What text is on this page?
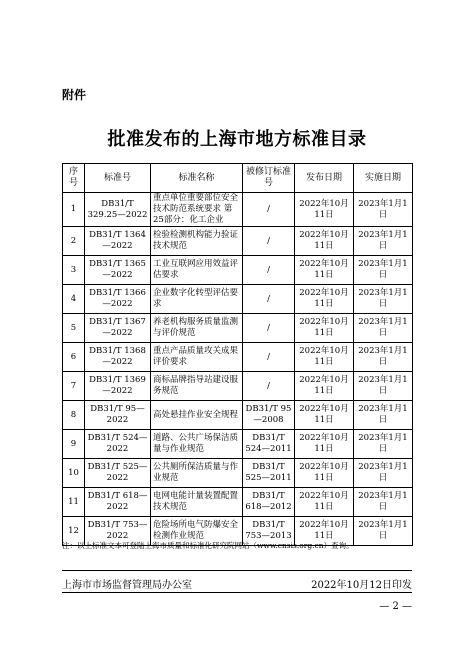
附件
批准发布的上海市地方标准目录
序号	标准号	标准名称	被修订标准号	发布日期	实施日期
1	DB31/T 329.25—2022	重点单位重要部位安全技术防范系统要求 第25部分：化工企业	/	2022年10月11日	2023年1月1日
2	DB31/T 1364—2022	检验检测机构能力验证技术规范	/	2022年10月11日	2023年1月1日
3	DB31/T 1365—2022	工业互联网应用效益评估要求	/	2022年10月11日	2023年1月1日
4	DB31/T 1366—2022	企业数字化转型评估要求	/	2022年10月11日	2023年1月1日
5	DB31/T 1367—2022	养老机构服务质量监测与评价规范	/	2022年10月11日	2023年1月1日
6	DB31/T 1368—2022	重点产品质量攻关成果评价要求	/	2022年10月11日	2023年1月1日
7	DB31/T 1369—2022	商标品牌指导站建设服务规范	/	2022年10月11日	2023年1月1日
8	DB31/T 95—2022	高处悬挂作业安全规程	DB31/T 95—2008	2022年10月11日	2023年1月1日
9	DB31/T 524—2022	道路、公共广场保洁质量与作业规范	DB31/T 524—2011	2022年10月11日	2023年1月1日
10	DB31/T 525—2022	公共厕所保洁质量与作业规范	DB31/T 525—2011	2022年10月11日	2023年1月1日
11	DB31/T 618—2022	电网电能计量装置配置技术规范	DB31/T 618—2012	2022年10月11日	2023年1月1日
12	DB31/T 753—2022	危险场所电气防爆安全检测作业规范	DB31/T 753—2013	2022年10月11日	2023年1月1日
注：以上标准文本可登陆上海市质量和标准化研究院网站（www.cnsis.org.cn）查询。
上海市市场监督管理局办公室	2022年10月12日印发
— 2 —
